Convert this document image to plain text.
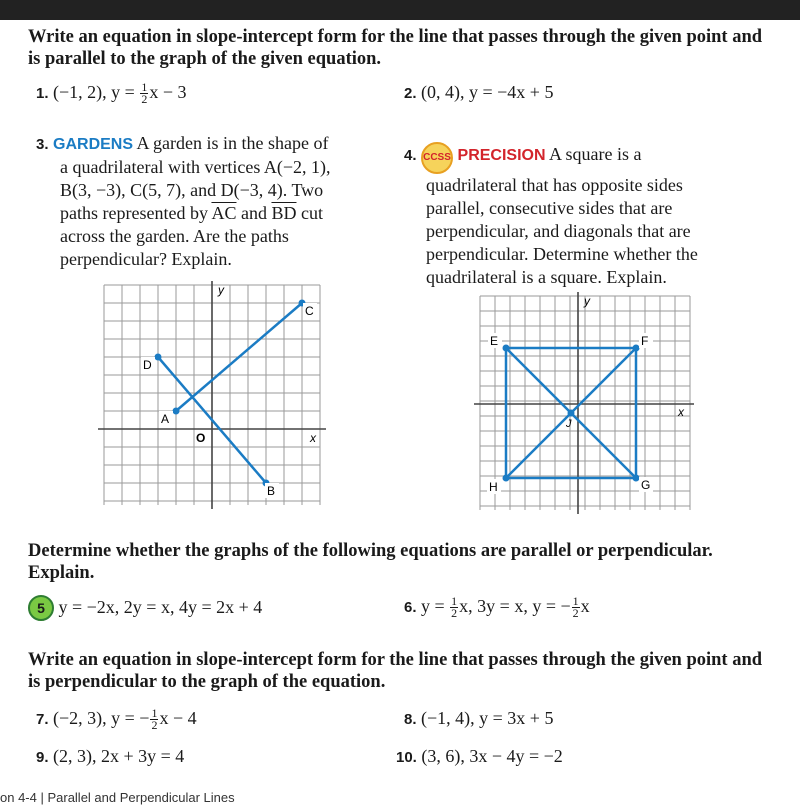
Write an equation in slope-intercept form for the line that passes through the given point and is parallel to the graph of the given equation.
1. (−1, 2), $y = \frac{1}{2}$ x − 3	2. (0, 4), y = −4x + 5
3. GARDENS A garden is in the shape of
a quadrilateral with vertices A(−2, 1),
B(3, −3), C(5, 7), and D(−3, 4). Two
paths represented by $\overline{AC}$ and $\overline{BD}$ cut
across the garden. Are the paths
perpendicular? Explain.
4. CCSS PRECISION A square is a
quadrilateral that has opposite sides
parallel, consecutive sides that are
perpendicular, and diagonals that are
perpendicular. Determine whether the
quadrilateral is a square. Explain.
y
x
O
A
B
C
D
y
x
E	F
G
H
J
Determine whether the graphs of the following equations are parallel or perpendicular. Explain.
5 y = −2x, 2y = x, 4y = 2x + 4	6. $y = \frac{1}{2} x$, 3y = x, y = − $\frac{1}{2}$ x
Write an equation in slope-intercept form for the line that passes through the given point and is perpendicular to the graph of the equation.
7. (−2, 3), y = − $\frac{1}{2}$ x − 4	8. (−1, 4), y = 3x + 5
9. (2, 3), 2x + 3y = 4	10. (3, 6), 3x − 4y = −2
on 4-4 | Parallel and Perpendicular Lines
